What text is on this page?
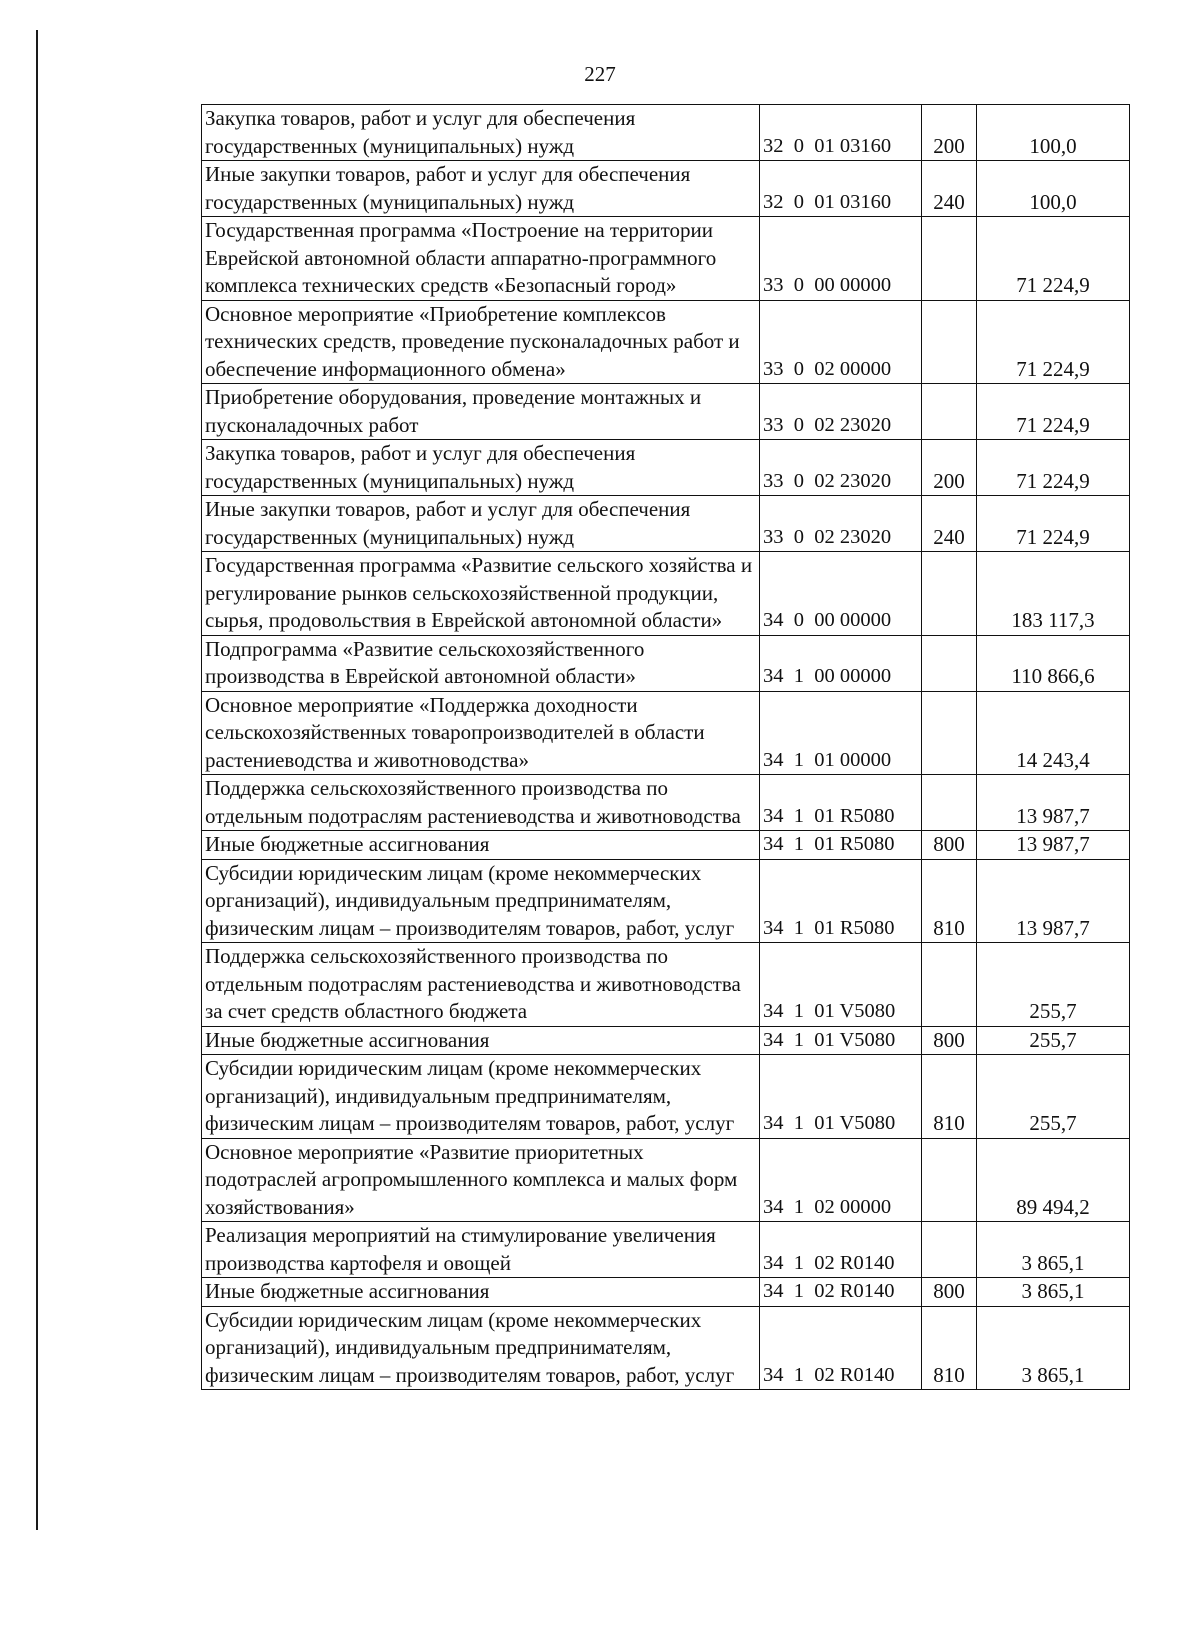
227
Закупка товаров, работ и услуг для обеспечения государственных (муниципальных) нужд	32  0  01 03160	200	100,0
Иные закупки товаров, работ и услуг для обеспечения государственных (муниципальных) нужд	32  0  01 03160	240	100,0
Государственная программа «Построение на территории Еврейской автономной области аппаратно-программного комплекса технических средств «Безопасный город»	33  0  00 00000		71 224,9
Основное мероприятие «Приобретение комплексов технических средств, проведение пусконаладочных работ и обеспечение информационного обмена»	33  0  02 00000		71 224,9
Приобретение оборудования, проведение монтажных и пусконаладочных работ	33  0  02 23020		71 224,9
Закупка товаров, работ и услуг для обеспечения государственных (муниципальных) нужд	33  0  02 23020	200	71 224,9
Иные закупки товаров, работ и услуг для обеспечения государственных (муниципальных) нужд	33  0  02 23020	240	71 224,9
Государственная программа «Развитие сельского хозяйства и регулирование рынков сельскохозяйственной продукции, сырья, продовольствия в Еврейской автономной области»	34  0  00 00000		183 117,3
Подпрограмма «Развитие сельскохозяйственного производства в Еврейской автономной области»	34  1  00 00000		110 866,6
Основное мероприятие «Поддержка доходности сельскохозяйственных товаропроизводителей в области растениеводства и животноводства»	34  1  01 00000		14 243,4
Поддержка сельскохозяйственного производства по отдельным подотраслям растениеводства и животноводства	34  1  01 R5080		13 987,7
Иные бюджетные ассигнования	34  1  01 R5080	800	13 987,7
Субсидии юридическим лицам (кроме некоммерческих организаций), индивидуальным предпринимателям, физическим лицам – производителям товаров, работ, услуг	34  1  01 R5080	810	13 987,7
Поддержка сельскохозяйственного производства по отдельным подотраслям растениеводства и животноводства за счет средств областного бюджета	34  1  01 V5080		255,7
Иные бюджетные ассигнования	34  1  01 V5080	800	255,7
Субсидии юридическим лицам (кроме некоммерческих организаций), индивидуальным предпринимателям, физическим лицам – производителям товаров, работ, услуг	34  1  01 V5080	810	255,7
Основное мероприятие «Развитие приоритетных подотраслей агропромышленного комплекса и малых форм хозяйствования»	34  1  02 00000		89 494,2
Реализация мероприятий на стимулирование увеличения производства картофеля и овощей	34  1  02 R0140		3 865,1
Иные бюджетные ассигнования	34  1  02 R0140	800	3 865,1
Субсидии юридическим лицам (кроме некоммерческих организаций), индивидуальным предпринимателям, физическим лицам – производителям товаров, работ, услуг	34  1  02 R0140	810	3 865,1
